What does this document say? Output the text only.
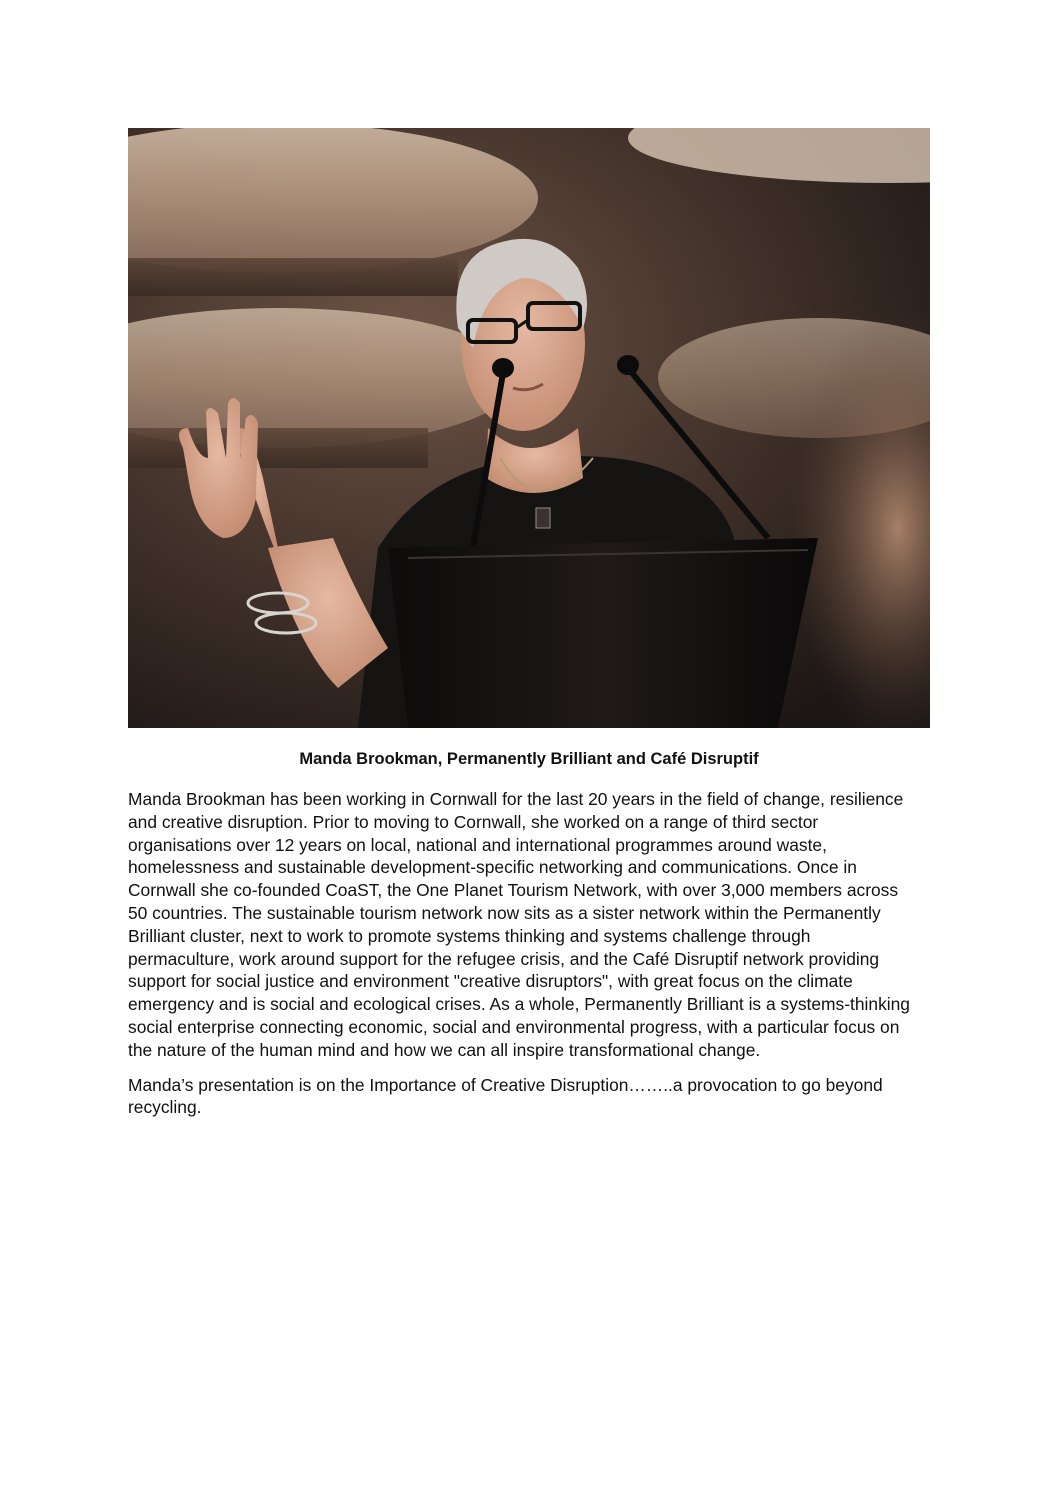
Manda Brookman, Permanently Brilliant and Café Disruptif

Manda Brookman has been working in Cornwall for the last 20 years in the field of change, resilience
and creative disruption. Prior to moving to Cornwall, she worked on a range of third sector
organisations over 12 years on local, national and international programmes around waste,
homelessness and sustainable development-specific networking and communications. Once in
Cornwall she co-founded CoaST, the One Planet Tourism Network, with over 3,000 members across
50 countries. The sustainable tourism network now sits as a sister network within the Permanently
Brilliant cluster, next to work to promote systems thinking and systems challenge through
permaculture, work around support for the refugee crisis, and the Café Disruptif network providing
support for social justice and environment "creative disruptors", with great focus on the climate
emergency and is social and ecological crises. As a whole, Permanently Brilliant is a systems-thinking
social enterprise connecting economic, social and environmental progress, with a particular focus on
the nature of the human mind and how we can all inspire transformational change.

Manda’s presentation is on the Importance of Creative Disruption……..a provocation to go beyond
recycling.
